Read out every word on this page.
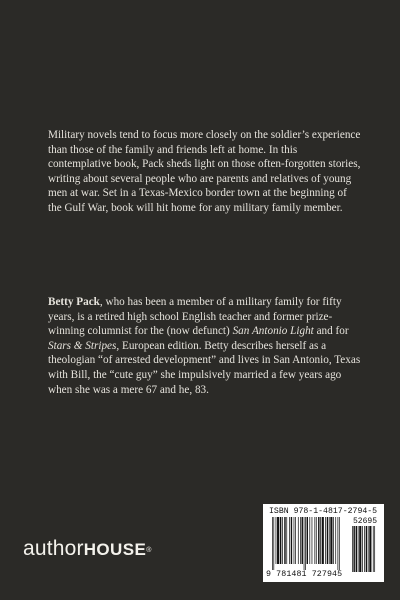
Military novels tend to focus more closely on the soldier’s experience than those of the family and friends left at home. In this contemplative book, Pack sheds light on those often-forgotten stories, writing about several people who are parents and relatives of young men at war. Set in a Texas-Mexico border town at the beginning of the Gulf War, book will hit home for any military family member.

Betty Pack, who has been a member of a military family for fifty years, is a retired high school English teacher and former prize-winning columnist for the (now defunct) San Antonio Light and for Stars & Stripes, European edition. Betty describes herself as a theologian “of arrested development” and lives in San Antonio, Texas with Bill, the “cute guy” she impulsively married a few years ago when she was a mere 67 and he, 83.

authorHOUSE®
ISBN 978-1-4817-2794-5
52695
9 781481 727945
